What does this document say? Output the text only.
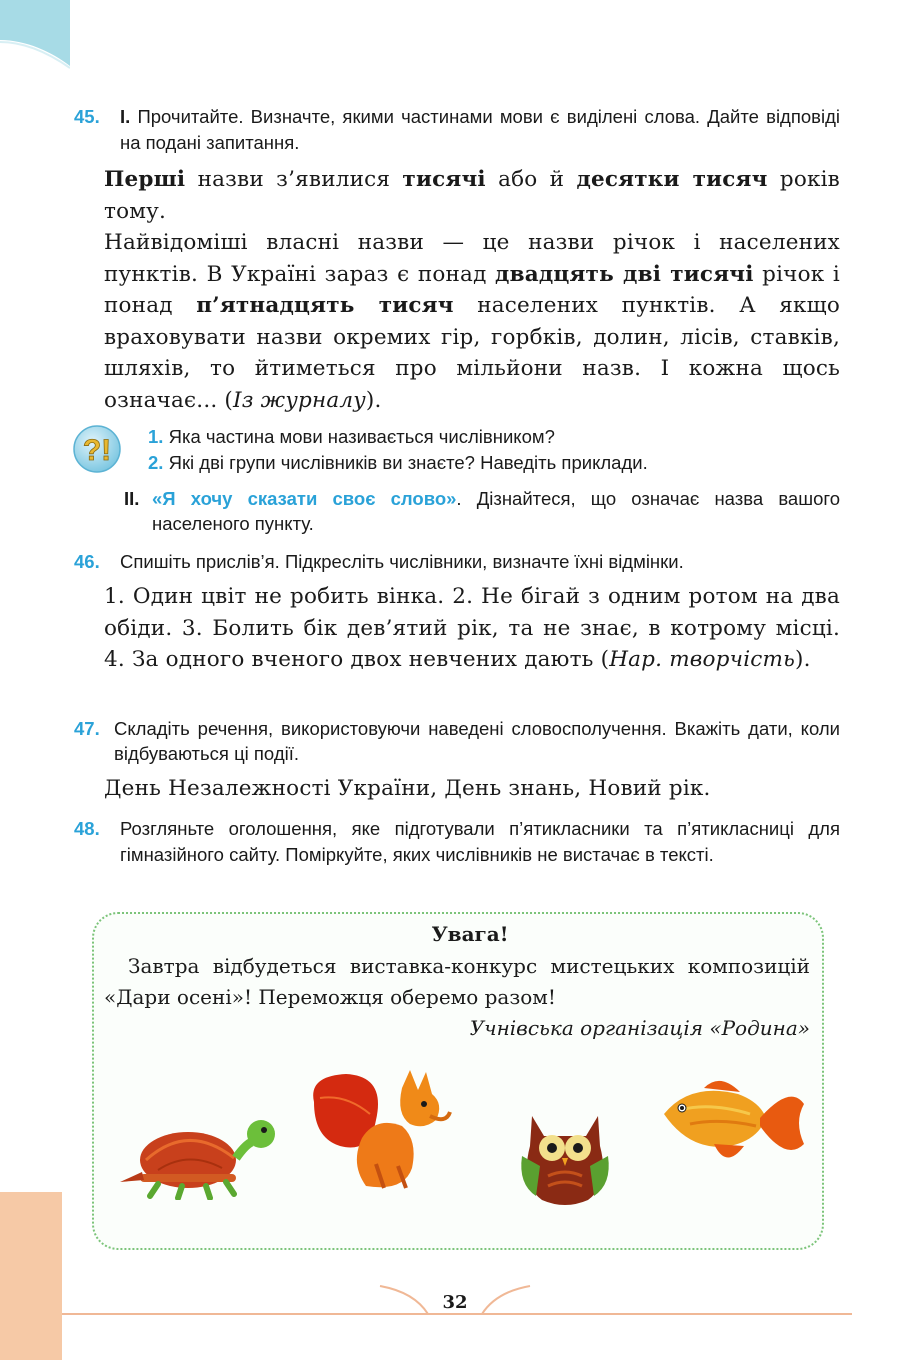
45.	I. Прочитайте. Визначте, якими частинами мови є виділені слова. Дайте відповіді на подані запитання.
Перші назви з’явилися тисячі або й десятки тисяч років тому.
Найвідоміші власні назви — це назви річок і населених пунктів. В Україні зараз є понад двадцять дві тисячі річок і понад п’ятнадцять тисяч населених пунктів. А якщо враховувати назви окремих гір, горбків, долин, лісів, ставків, шляхів, то йтиметься про мільйони назв. І кожна щось означає... (Із журналу).
?! 1. Яка частина мови називається числівником?
2. Які дві групи числівників ви знаєте? Наведіть приклади.
II. «Я хочу сказати своє слово». Дізнайтеся, що означає назва вашого населеного пункту.
46.	Спишіть прислів’я. Підкресліть числівники, визначте їхні відмінки.
1. Один цвіт не робить вінка. 2. Не бігай з одним ротом на два обіди. 3. Болить бік дев’ятий рік, та не знає, в котрому місці. 4. За одного вченого двох невчених дають (Нар. творчість).
47. Складіть речення, використовуючи наведені словосполучення. Вкажіть дати, коли відбуваються ці події.
День Незалежності України, День знань, Новий рік.
48.	Розгляньте оголошення, яке підготували п’ятикласники та п’ятикласниці для гімназійного сайту. Поміркуйте, яких числівників не вистачає в тексті.
Увага!
Завтра відбудеться виставка-конкурс мистецьких композицій «Дари осені»! Переможця оберемо разом!
Учнівська організація «Родина»
32
